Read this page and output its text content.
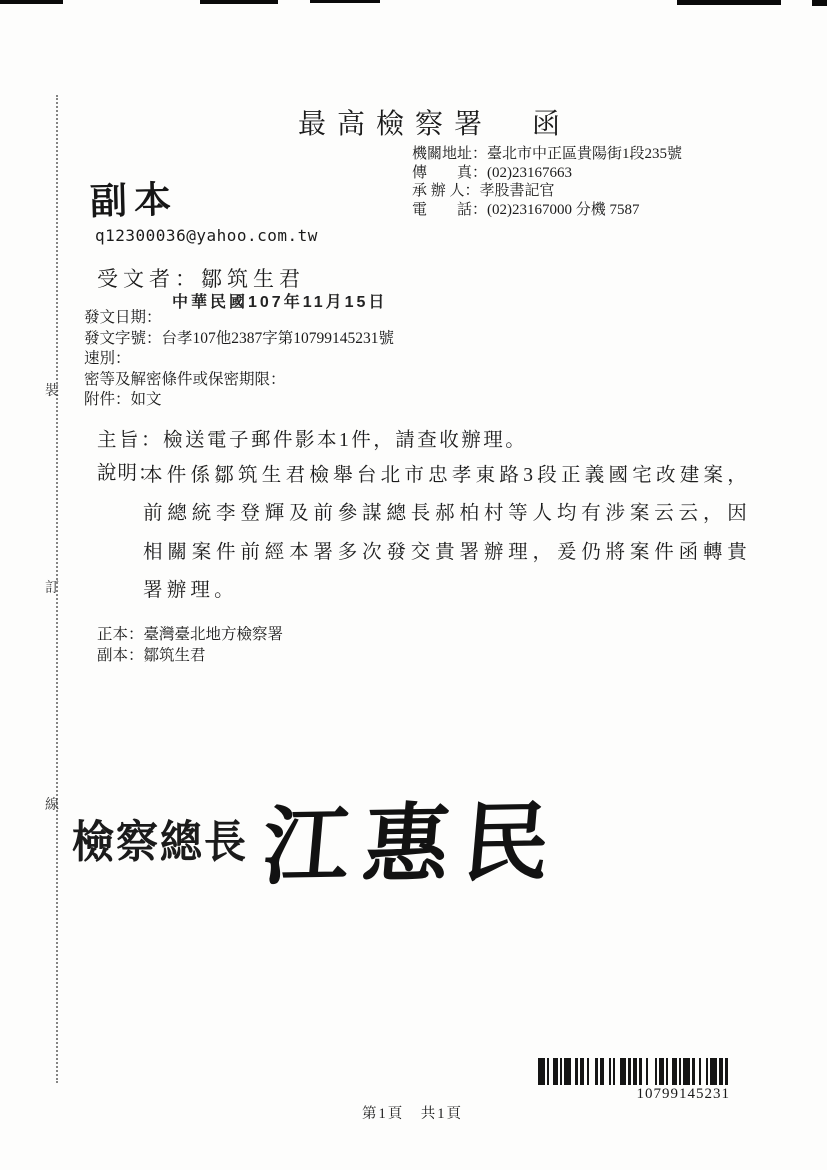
裝
訂
線
最高檢察署　函
機關地址：臺北市中正區貴陽街1段235號
傳　　真：(02)23167663
承 辦 人：孝股書記官
電　　話：(02)23167000 分機 7587
副本
q12300036@yahoo.com.tw
受文者：鄒筑生君
中華民國107年11月15日
發文日期：
發文字號：台孝107他2387字第10799145231號
速別：
密等及解密條件或保密期限：
附件：如文
主旨：檢送電子郵件影本1件，請查收辦理。
說明：
本件係鄒筑生君檢舉台北市忠孝東路3段正義國宅改建案，前總統李登輝及前參謀總長郝柏村等人均有涉案云云，因相關案件前經本署多次發交貴署辦理，爰仍將案件函轉貴署辦理。
正本：臺灣臺北地方檢察署
副本：鄒筑生君
檢察總長 江惠民
10799145231
第1頁　共1頁
